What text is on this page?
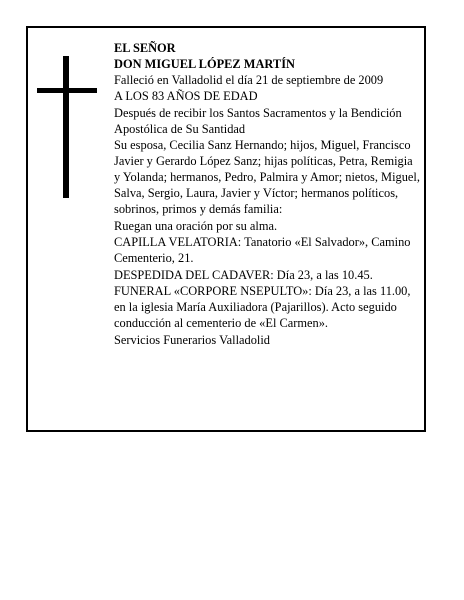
EL SEÑOR

DON MIGUEL LÓPEZ MARTÍN

Falleció en Valladolid el día 21 de septiembre de 2009

A LOS 83 AÑOS DE EDAD

Después de recibir los Santos Sacramentos y la Bendición Apostólica de Su Santidad

Su esposa, Cecilia Sanz Hernando; hijos, Miguel, Francisco Javier y Gerardo López Sanz; hijas políticas, Petra, Remigia y Yolanda; hermanos, Pedro, Palmira y Amor; nietos, Miguel, Salva, Sergio, Laura, Javier y Víctor; hermanos políticos, sobrinos, primos y demás familia:

Ruegan una oración por su alma.

CAPILLA VELATORIA: Tanatorio «El Salvador», Camino Cementerio, 21.

DESPEDIDA DEL CADAVER: Día 23, a las 10.45.

FUNERAL «CORPORE NSEPULTO»: Día 23, a las 11.00, en la iglesia María Auxiliadora (Pajarillos). Acto seguido conducción al cementerio de «El Carmen».

Servicios Funerarios Valladolid
